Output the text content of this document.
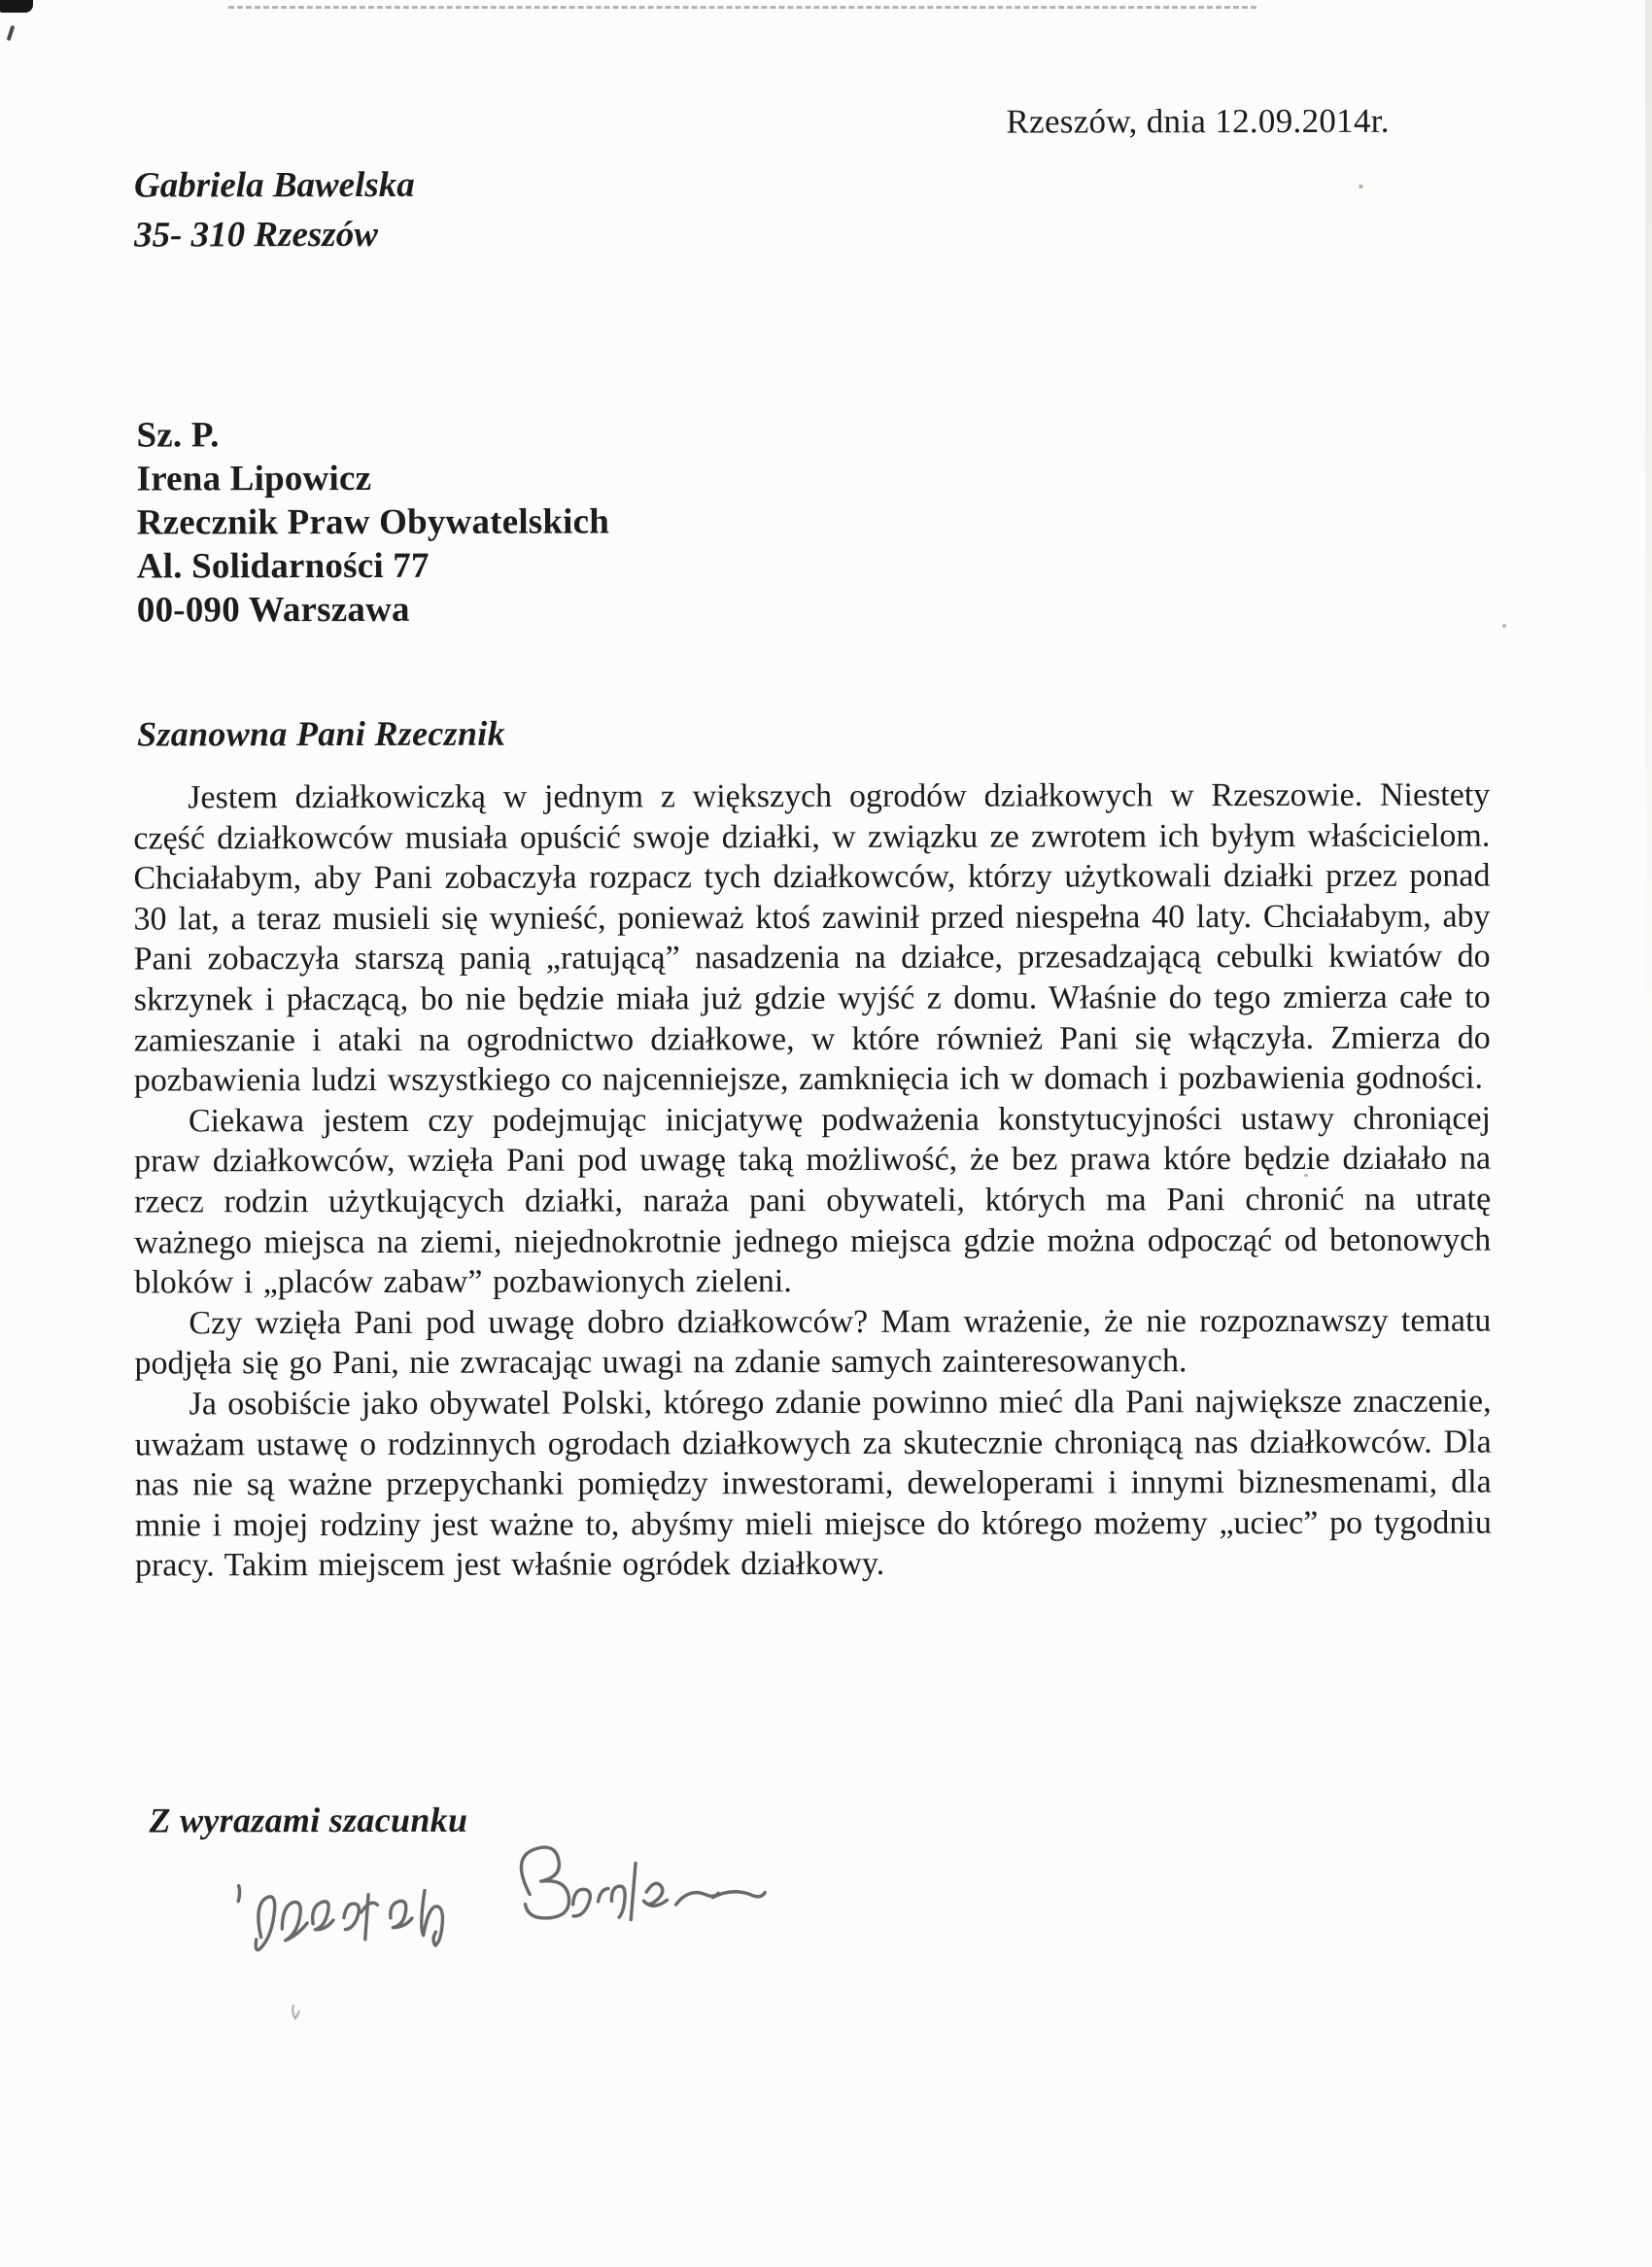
Rzeszów, dnia 12.09.2014r.
Gabriela Bawelska
35- 310 Rzeszów
Sz. P.
Irena Lipowicz
Rzecznik Praw Obywatelskich
Al. Solidarności 77
00-090 Warszawa
Szanowna Pani Rzecznik

Jestem działkowiczką w jednym z większych ogrodów działkowych w Rzeszowie. Niestety część działkowców musiała opuścić swoje działki, w związku ze zwrotem ich byłym właścicielom. Chciałabym, aby Pani zobaczyła rozpacz tych działkowców, którzy użytkowali działki przez ponad 30 lat, a teraz musieli się wynieść, ponieważ ktoś zawinił przed niespełna 40 laty. Chciałabym, aby Pani zobaczyła starszą panią „ratującą” nasadzenia na działce, przesadzającą cebulki kwiatów do skrzynek i płaczącą, bo nie będzie miała już gdzie wyjść z domu. Właśnie do tego zmierza całe to zamieszanie i ataki na ogrodnictwo działkowe, w które również Pani się włączyła. Zmierza do pozbawienia ludzi wszystkiego co najcenniejsze, zamknięcia ich w domach i pozbawienia godności.

Ciekawa jestem czy podejmując inicjatywę podważenia konstytucyjności ustawy chroniącej praw działkowców, wzięła Pani pod uwagę taką możliwość, że bez prawa które będzie działało na rzecz rodzin użytkujących działki, naraża pani obywateli, których ma Pani chronić na utratę ważnego miejsca na ziemi, niejednokrotnie jednego miejsca gdzie można odpocząć od betonowych bloków i „placów zabaw” pozbawionych zieleni.

Czy wzięła Pani pod uwagę dobro działkowców? Mam wrażenie, że nie rozpoznawszy tematu podjęła się go Pani, nie zwracając uwagi na zdanie samych zainteresowanych.

Ja osobiście jako obywatel Polski, którego zdanie powinno mieć dla Pani największe znaczenie, uważam ustawę o rodzinnych ogrodach działkowych za skutecznie chroniącą nas działkowców. Dla nas nie są ważne przepychanki pomiędzy inwestorami, deweloperami i innymi biznesmenami, dla mnie i mojej rodziny jest ważne to, abyśmy mieli miejsce do którego możemy „uciec” po tygodniu pracy. Takim miejscem jest właśnie ogródek działkowy.

Z wyrazami szacunku
